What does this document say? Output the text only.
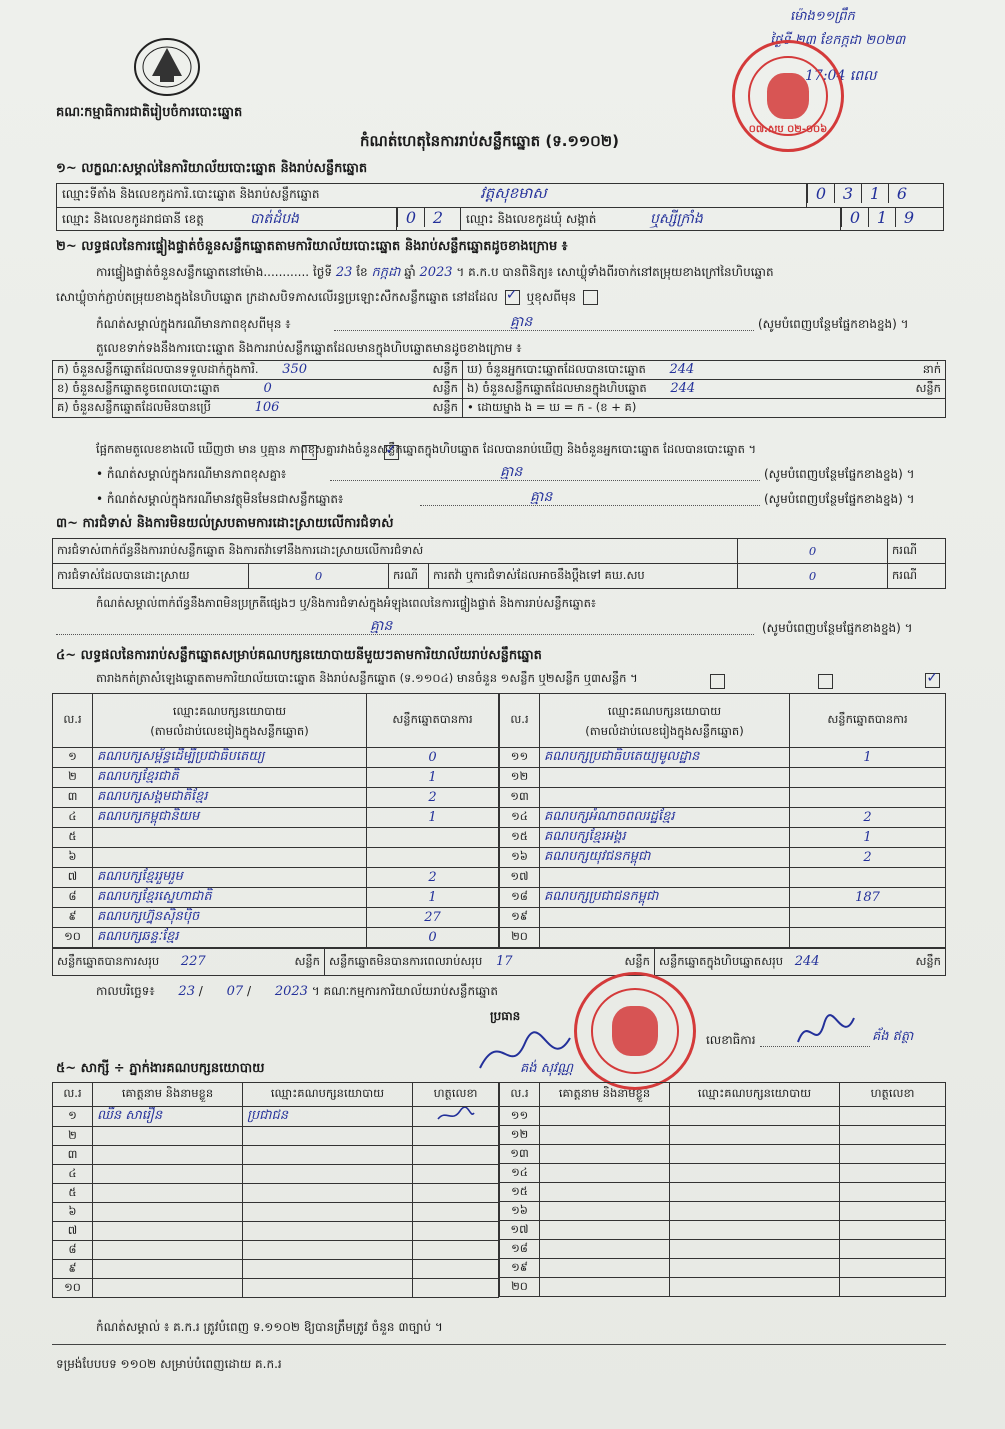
គណៈកម្មាធិការជាតិរៀបចំការបោះឆ្នោត
កំណត់ហេតុនៃការរាប់សន្លឹកឆ្នោត (ទ.១១០២)
ម៉ោង១១ព្រឹក
ថ្ងៃទី ២៣ ខែកក្កដា ២០២៣
17:04 ពេល
០៧.សប ០២-០០៦
១~ លក្ខណៈសម្គាល់នៃការិយាល័យបោះឆ្នោត និងរាប់សន្លឹកឆ្នោត
ឈ្មោះទីតាំង និងលេខកូដការិ.បោះឆ្នោត និងរាប់សន្លឹកឆ្នោត	វត្តសុខមាស	0 3 1 6
ឈ្មោះ និងលេខកូដរាជធានី ខេត្ត	បាត់ដំបង	0 2	ឈ្មោះ និងលេខកូដឃុំ សង្កាត់	ឬស្សីក្រាំង	0 1 9
២~ លទ្ធផលនៃការផ្ទៀងផ្ទាត់ចំនួនសន្លឹកឆ្នោតតាមការិយាល័យបោះឆ្នោត និងរាប់សន្លឹកឆ្នោតដូចខាងក្រោម ៖
ការផ្ទៀងផ្ទាត់ចំនួនសន្លឹកឆ្នោតនៅម៉ោង............ ថ្ងៃទី 23 ខែ កក្កដា ឆ្នាំ 2023 ។ គ.ក.ប បានពិនិត្យ៖ សោឃ្លុំទាំងពីរចាក់នៅតម្រុយខាងក្រៅនៃហិបឆ្នោត
សោឃ្លុំចាក់ភ្ជាប់តម្រុយខាងក្នុងនៃហិបឆ្នោត ក្រដាសបិទភាសលើរន្ធប្រឡោះសឺកសន្លឹកឆ្នោត នៅដដែល ✓ ឬខុសពីមុន
កំណត់សម្គាល់ក្នុងករណីមានភាពខុសពីមុន ៖	គ្មាន	(សូមបំពេញបន្ថែមផ្នែកខាងខ្នង) ។
តួលេខទាក់ទងនឹងការបោះឆ្នោត និងការរាប់សន្លឹកឆ្នោតដែលមានក្នុងហិបឆ្នោតមានដូចខាងក្រោម ៖
ក) ចំនួនសន្លឹកឆ្នោតដែលបានទទួលដាក់ក្នុងការិ. 350 សន្លឹក	ឃ) ចំនួនអ្នកបោះឆ្នោតដែលបានបោះឆ្នោត 244 នាក់

ខ) ចំនួនសន្លឹកឆ្នោតខូចពេលបោះឆ្នោត 0 សន្លឹក	ង) ចំនួនសន្លឹកឆ្នោតដែលមានក្នុងហិបឆ្នោត 244 សន្លឹក

គ) ចំនួនសន្លឹកឆ្នោតដែលមិនបានប្រើ 106 សន្លឹក	• ដោយម្នាង ង = ឃ = ក - (ខ + គ)
ផ្អែកតាមតួលេខខាងលើ ឃើញថា មាន ឬគ្មាន ភាពខុសគ្នារវាងចំនួនសន្លឹកឆ្នោតក្នុងហិបឆ្នោត ដែលបានរាប់ឃើញ និងចំនួនអ្នកបោះឆ្នោត ដែលបានបោះឆ្នោត ។
✓
• កំណត់សម្គាល់ក្នុងករណីមានភាពខុសគ្នា៖	គ្មាន	(សូមបំពេញបន្ថែមផ្នែកខាងខ្នង) ។
• កំណត់សម្គាល់ក្នុងករណីមានវត្ថុមិនមែនជាសន្លឹកឆ្នោត៖	គ្មាន	(សូមបំពេញបន្ថែមផ្នែកខាងខ្នង) ។
៣~ ការជំទាស់ និងការមិនយល់ស្របតាមការដោះស្រាយលើការជំទាស់
ការជំទាស់ពាក់ព័ន្ធនឹងការរាប់សន្លឹកឆ្នោត និងការតវ៉ាទៅនឹងការដោះស្រាយលើការជំទាស់				0	ករណី
ការជំទាស់ដែលបានដោះស្រាយ	0	ករណី	ការតវ៉ា ឬការជំទាស់ដែលអាចនឹងប្តឹងទៅ គឃ.សប	0	ករណី
កំណត់សម្គាល់ពាក់ព័ន្ធនឹងភាពមិនប្រក្រតីផ្សេងៗ ឬ/និងការជំទាស់ក្នុងអំឡុងពេលនៃការផ្ទៀងផ្ទាត់ និងការរាប់សន្លឹកឆ្នោត៖
គ្មាន	(សូមបំពេញបន្ថែមផ្នែកខាងខ្នង) ។
៤~ លទ្ធផលនៃការរាប់សន្លឹកឆ្នោតសម្រាប់គណបក្សនយោបាយនីមួយៗតាមការិយាល័យរាប់សន្លឹកឆ្នោត
តារាងកត់ត្រាសំឡេងឆ្នោតតាមការិយាល័យបោះឆ្នោត និងរាប់សន្លឹកឆ្នោត (ទ.១១០៤) មានចំនួន ១សន្លឹក ឬ២សន្លឹក ឬ៣សន្លឹក ។
✓
ល.រ	ឈ្មោះគណបក្សនយោបាយ
(តាមលំដាប់លេខរៀងក្នុងសន្លឹកឆ្នោត)	សន្លឹកឆ្នោតបានការ
១	គណបក្សសម្ព័ន្ធដើម្បីប្រជាធិបតេយ្យ	0
២	គណបក្សខ្មែរជាតិ	1
៣	គណបក្សសង្គមជាតិខ្មែរ	2
៤	គណបក្សកម្ពុជានិយម	1
៥		
៦		
៧	គណបក្សខ្មែររួមរួម	2
៨	គណបក្សខ្មែរស្នេហាជាតិ	1
៩	គណបក្សហ្វ៊ុនស៊ិនប៉ិច	27
១០	គណបក្សឆន្ទៈខ្មែរ	0
ល.រ	ឈ្មោះគណបក្សនយោបាយ
(តាមលំដាប់លេខរៀងក្នុងសន្លឹកឆ្នោត)	សន្លឹកឆ្នោតបានការ
១១	គណបក្សប្រជាធិបតេយ្យមូលដ្ឋាន	1
១២		
១៣		
១៤	គណបក្សអំណាចពលរដ្ឋខ្មែរ	2
១៥	គណបក្សខ្មែរអង្គរ	1
១៦	គណបក្សយុវជនកម្ពុជា	2
១៧		
១៨	គណបក្សប្រជាជនកម្ពុជា	187
១៩		
២០		
សន្លឹកឆ្នោតបានការសរុប 227	សន្លឹក	សន្លឹកឆ្នោតមិនបានការពេលរាប់សរុប 17	សន្លឹក	សន្លឹកឆ្នោតក្នុងហិបឆ្នោតសរុប 244	សន្លឹក
កាលបរិច្ឆេទ៖ 23 / 07 / 2023 ។ គណៈកម្មការការិយាល័យរាប់សន្លឹកឆ្នោត
ប្រធាន
លេខាធិការ	គ័ង ឥត្ថា
គង់ សុវណ្ណ
៥~ សាក្សី ÷ ភ្នាក់ងារគណបក្សនយោបាយ
ល.រ	គោត្តនាម និងនាមខ្លួន	ឈ្មោះគណបក្សនយោបាយ	ហត្ថលេខា
១	ឈឺន សារឿន	ប្រជាជន	
២			
៣			
៤			
៥			
៦			
៧			
៨			
៩			
១០			
ល.រ	គោត្តនាម និងនាមខ្លួន	ឈ្មោះគណបក្សនយោបាយ	ហត្ថលេខា
១១			
១២			
១៣			
១៤			
១៥			
១៦			
១៧			
១៨			
១៩			
២០			
កំណត់សម្គាល់ ៖ គ.ក.រ ត្រូវបំពេញ ទ.១១០២ ឱ្យបានត្រឹមត្រូវ ចំនួន ៣ច្បាប់ ។
ទម្រង់បែបបទ ១១០២ សម្រាប់បំពេញដោយ គ.ក.រ
